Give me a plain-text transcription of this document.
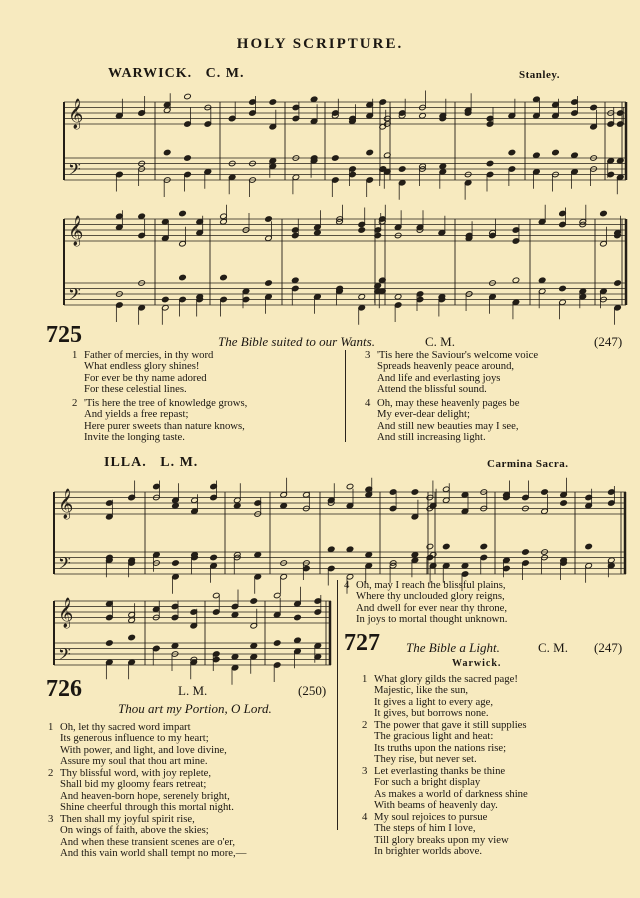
HOLY SCRIPTURE.
WARWICK. C. M.	Stanley.
𝄞
𝄢
𝄞
𝄢
725	The Bible suited to our Wants.	C. M.	(247)
1 Father of mercies, in thy word
What endless glory shines!
For ever be thy name adored
For these celestial lines.
2 'Tis here the tree of knowledge grows,
And yields a free repast;
Here purer sweets than nature knows,
Invite the longing taste.
3 'Tis here the Saviour's welcome voice
Spreads heavenly peace around,
And life and everlasting joys
Attend the blissful sound.
4 Oh, may these heavenly pages be
My ever-dear delight;
And still new beauties may I see,
And still increasing light.
ILLA. L. M.	Carmina Sacra.
𝄞
𝄢
𝄞
𝄢
4 Oh, may I reach the blissful plains,
Where thy unclouded glory reigns,
And dwell for ever near thy throne,
In joys to mortal thought unknown.
726	L. M.	(250)
Thou art my Portion, O Lord.
1 Oh, let thy sacred word impart
Its generous influence to my heart;
With power, and light, and love divine,
Assure my soul that thou art mine.
2 Thy blissful word, with joy replete,
Shall bid my gloomy fears retreat;
And heaven-born hope, serenely bright,
Shine cheerful through this mortal night.
3 Then shall my joyful spirit rise,
On wings of faith, above the skies;
And when these transient scenes are o'er,
And this vain world shall tempt no more,—
727 The Bible a Light.	C. M. (247)
Warwick.
1 What glory gilds the sacred page!
Majestic, like the sun,
It gives a light to every age,
It gives, but borrows none.
2 The power that gave it still supplies
The gracious light and heat:
Its truths upon the nations rise;
They rise, but never set.
3 Let everlasting thanks be thine
For such a bright display
As makes a world of darkness shine
With beams of heavenly day.
4 My soul rejoices to pursue
The steps of him I love,
Till glory breaks upon my view
In brighter worlds above.
